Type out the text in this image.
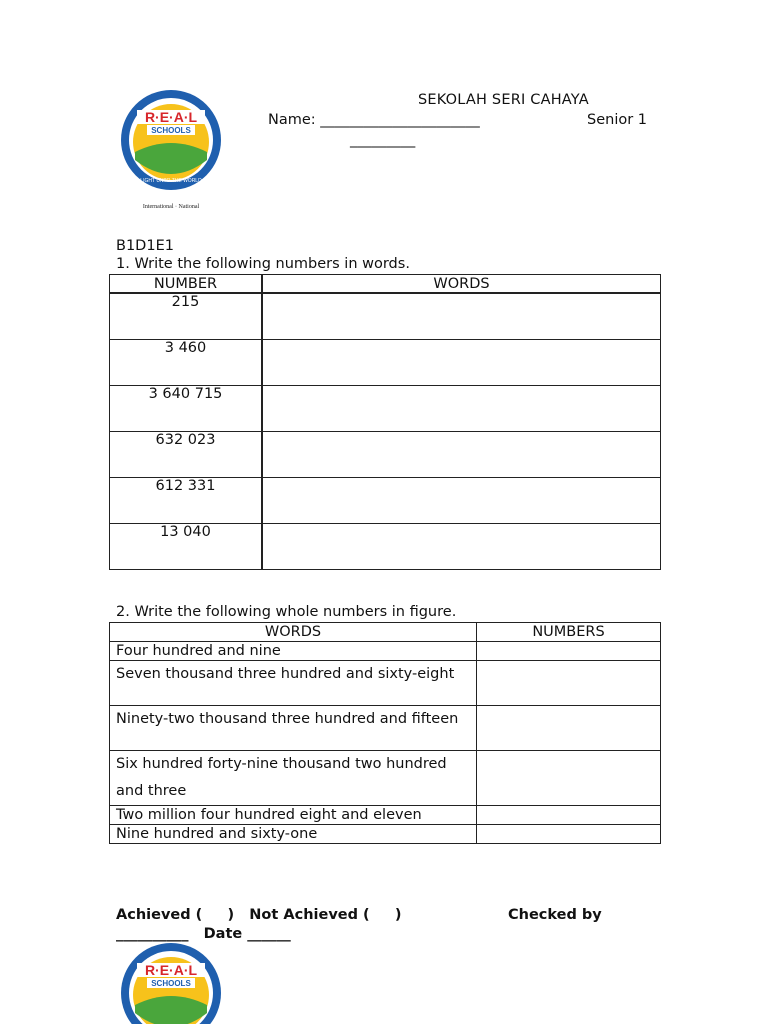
R·E·A·L
SCHOOLS
LIGHT UNTO THE WORLD
International · National
SEKOLAH SERI CAHAYA
Name: ______________________	Senior 1
_________
B1D1E1
1. Write the following numbers in words.
NUMBER	WORDS
215	
3 460	
3 640 715	
632 023	
612 331	
13 040	
2. Write the following whole numbers in figure.
WORDS	NUMBERS
Four hundred and nine	
Seven thousand three hundred and sixty-eight	
Ninety-two thousand three hundred and fifteen	
Six hundred forty-nine thousand two hundred and three	
Two million four hundred eight and eleven	
Nine hundred and sixty-one	
Achieved (     )   Not Achieved (     )	Checked by
__________   Date ______
R·E·A·L
SCHOOLS
